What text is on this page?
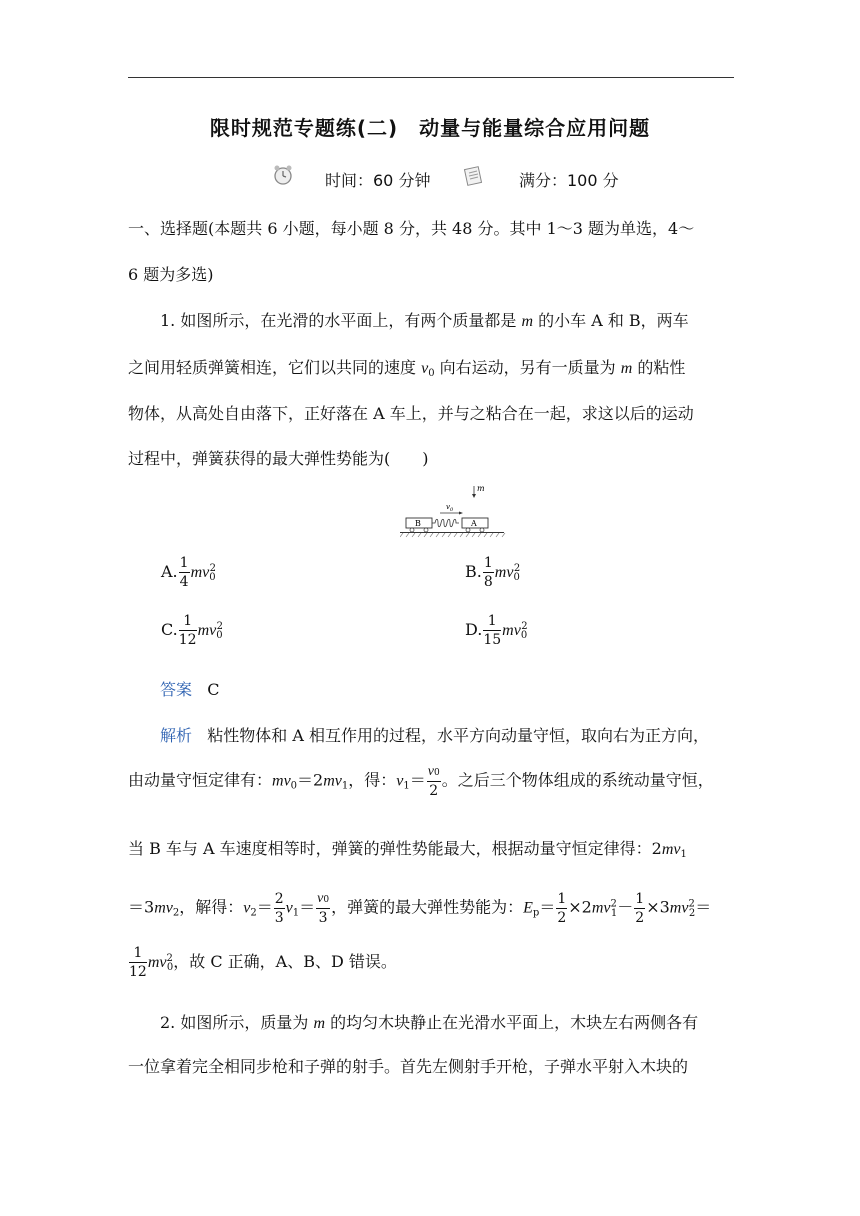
限时规范专题练(二)　动量与能量综合应用问题
时间：60 分钟	满分：100 分
一、选择题(本题共 6 小题，每小题 8 分，共 48 分。其中 1～3 题为单选，4～
6 题为多选)
1. 如图所示，在光滑的水平面上，有两个质量都是 m 的小车 A 和 B，两车
之间用轻质弹簧相连，它们以共同的速度 $v_0$ 向右运动，另有一质量为 m 的粘性
物体，从高处自由落下，正好落在 A 车上，并与之粘合在一起，求这以后的运动
过程中，弹簧获得的最大弹性势能为(　　)
m
$v_0$
B	A
A. $\frac{1}{4} mv_0^2$	B. $\frac{1}{8} mv_0^2$
C. $\frac{1}{12} mv_0^2$	D. $\frac{1}{15} mv_0^2$
答案 C
解析 粘性物体和 A 相互作用的过程，水平方向动量守恒，取向右为正方向，
由动量守恒定律有：$mv_0=2mv_1$，得：$v_1= \frac{v0}{2}$ 。之后三个物体组成的系统动量守恒，
当 B 车与 A 车速度相等时，弹簧的弹性势能最大，根据动量守恒定律得：$2mv_1$
$=3mv_2$，解得：$v_2= \frac{2}{3} v_1= \frac{v0}{3}$ ，弹簧的最大弹性势能为：$E_p= \frac{1}{2} \times 2mv^2_1- \frac{1}{2} \times 3mv^2_2=$
$\frac{1}{12} mv^2_0$，故 C 正确，A、B、D 错误。
2. 如图所示，质量为 m 的均匀木块静止在光滑水平面上，木块左右两侧各有
一位拿着完全相同步枪和子弹的射手。首先左侧射手开枪，子弹水平射入木块的
